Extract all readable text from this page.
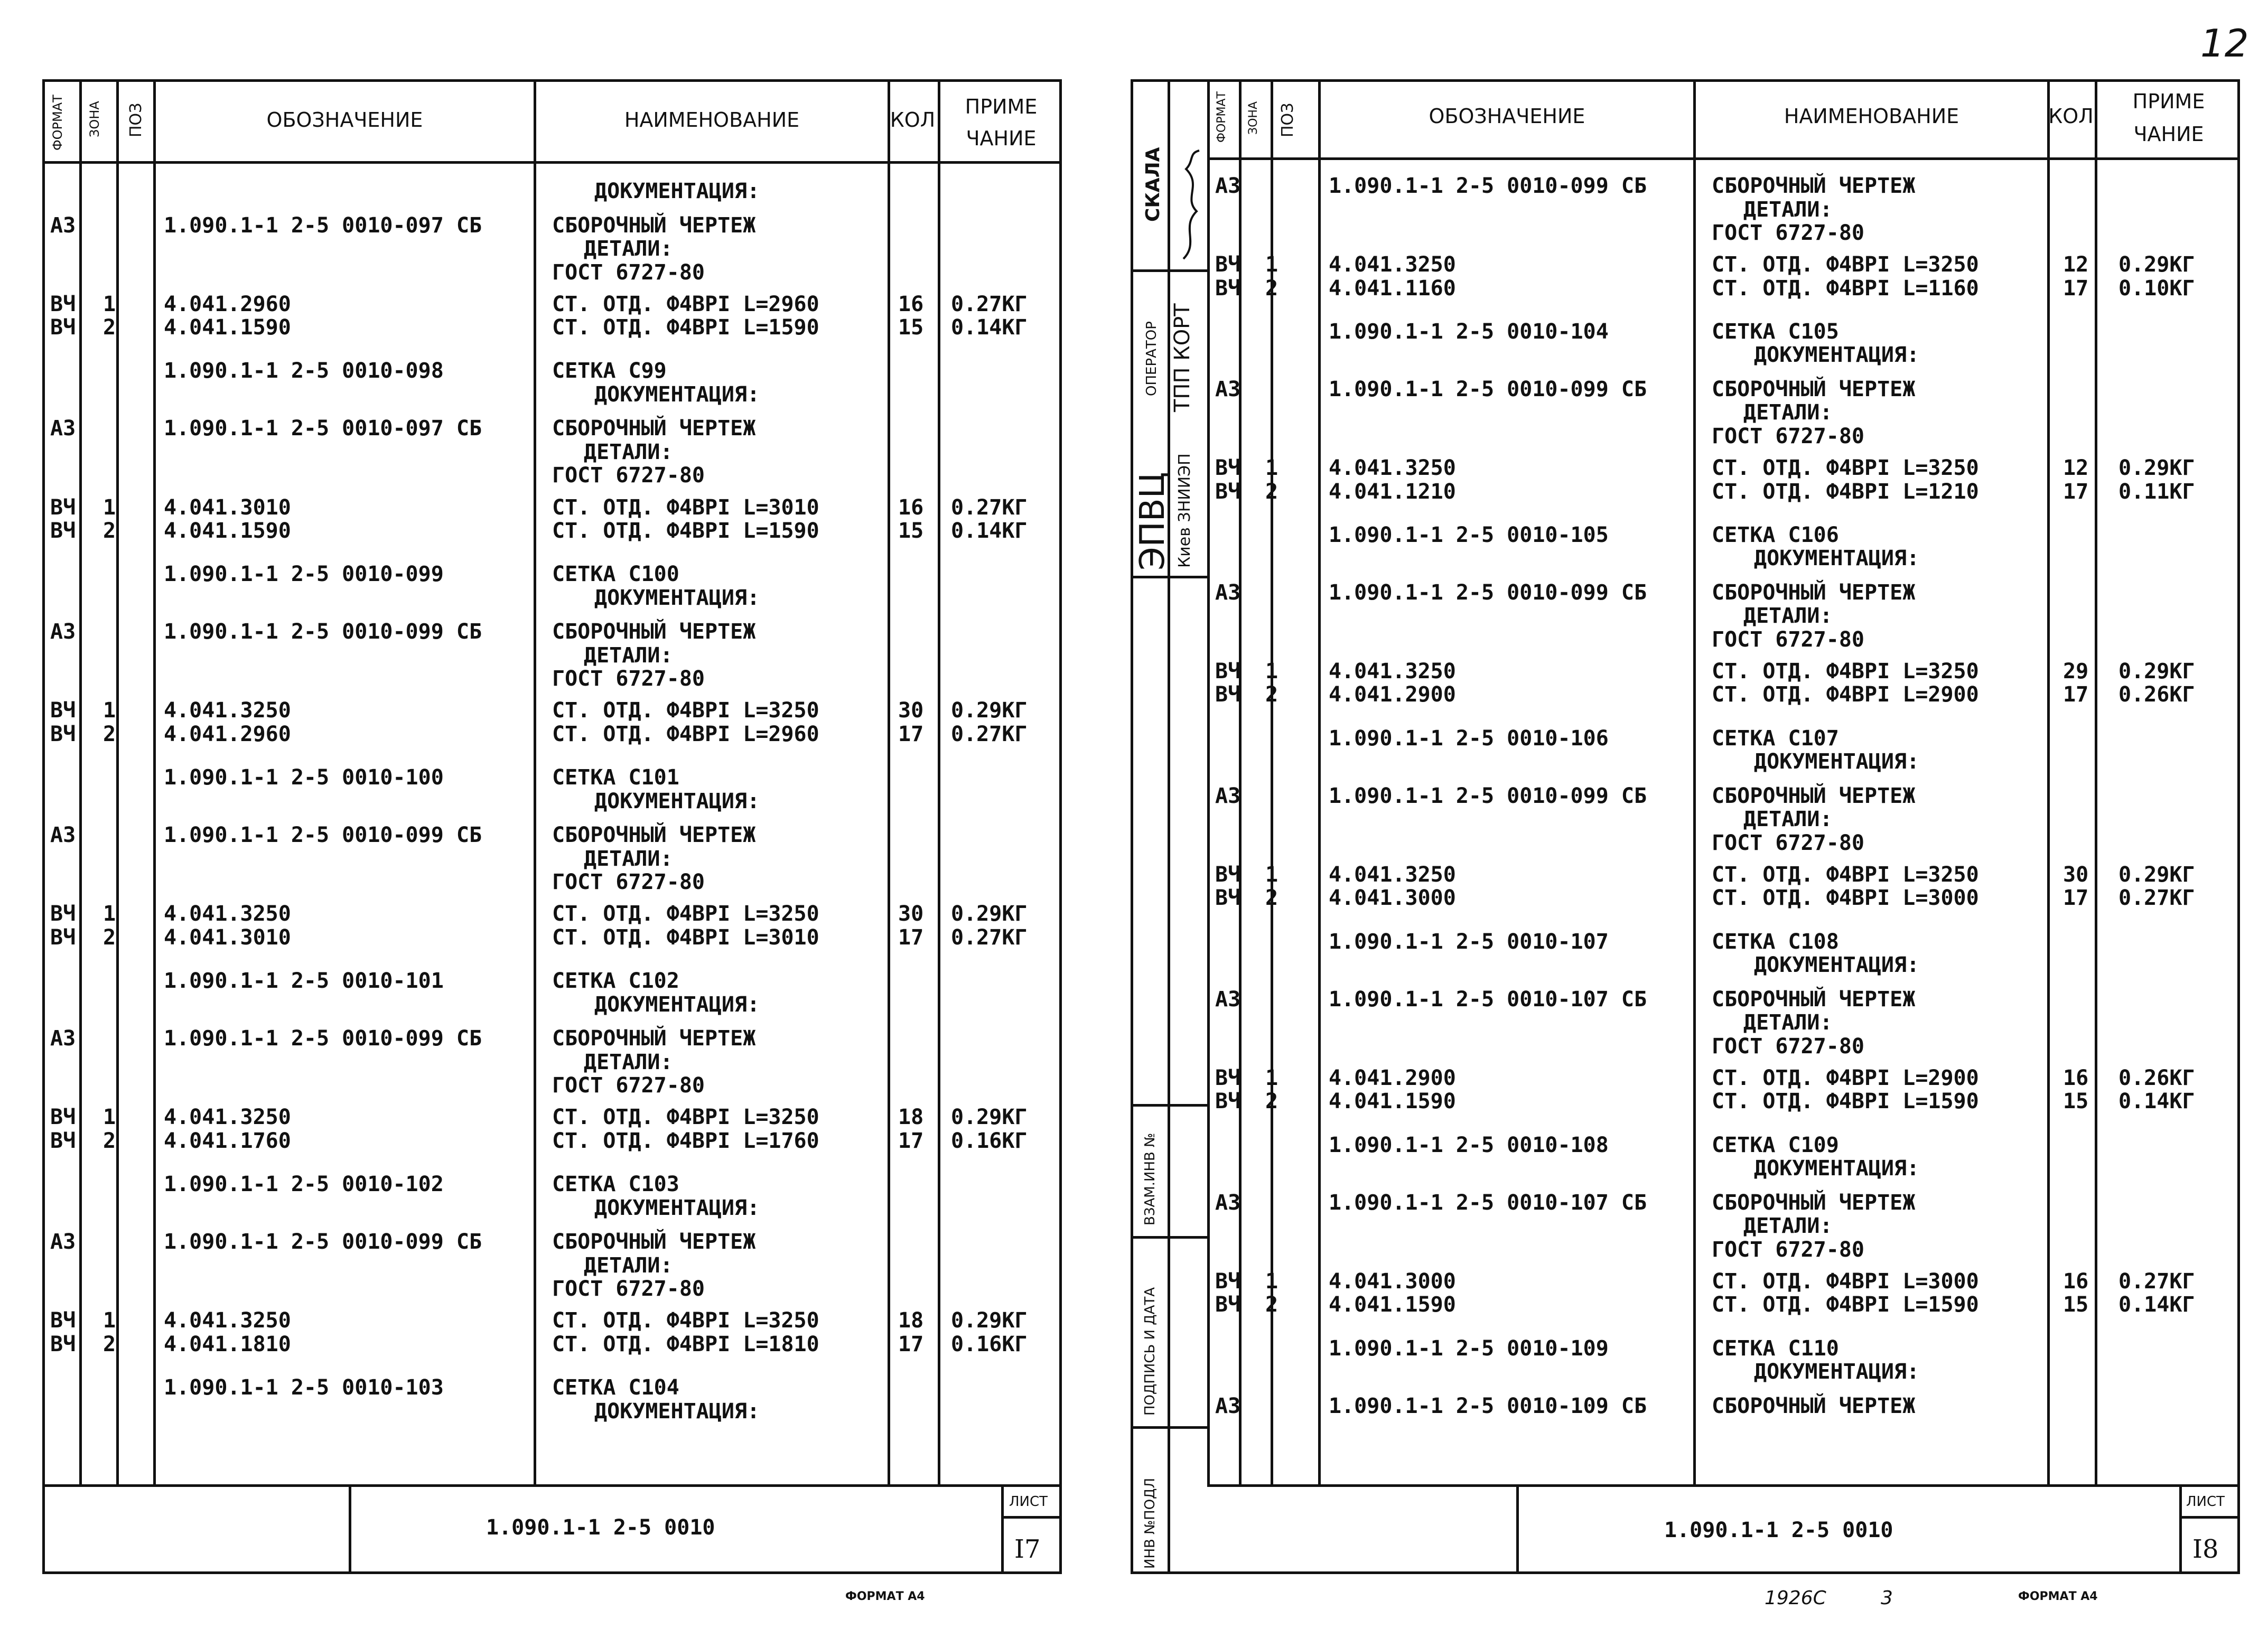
ФОРМАТ ЗОНА ПОЗ	ОБОЗНАЧЕНИЕ	НАИМЕНОВАНИЕ	КОЛ
ПРИМЕ
ЧАНИЕ
ДОКУМЕНТАЦИЯ:
А3	1.090.1-1 2-5 0010-097 СБ	СБОРОЧНЫЙ ЧЕРТЕЖ
ДЕТАЛИ:
ГОСТ 6727-80
ВЧ 1 4.041.2960	СТ. ОТД. Ф4BPI L=2960	16 0.27КГ
ВЧ 2 4.041.1590	СТ. ОТД. Ф4BPI L=1590	15 0.14КГ
1.090.1-1 2-5 0010-098	СЕТКА С99
ДОКУМЕНТАЦИЯ:
А3	1.090.1-1 2-5 0010-097 СБ	СБОРОЧНЫЙ ЧЕРТЕЖ
ДЕТАЛИ:
ГОСТ 6727-80
ВЧ 1 4.041.3010	СТ. ОТД. Ф4BPI L=3010	16 0.27КГ
ВЧ 2 4.041.1590	СТ. ОТД. Ф4BPI L=1590	15 0.14КГ
1.090.1-1 2-5 0010-099	СЕТКА С100
ДОКУМЕНТАЦИЯ:
А3	1.090.1-1 2-5 0010-099 СБ	СБОРОЧНЫЙ ЧЕРТЕЖ
ДЕТАЛИ:
ГОСТ 6727-80
ВЧ 1 4.041.3250	СТ. ОТД. Ф4BPI L=3250	30 0.29КГ
ВЧ 2 4.041.2960	СТ. ОТД. Ф4BPI L=2960	17 0.27КГ
1.090.1-1 2-5 0010-100	СЕТКА С101
ДОКУМЕНТАЦИЯ:
А3	1.090.1-1 2-5 0010-099 СБ	СБОРОЧНЫЙ ЧЕРТЕЖ
ДЕТАЛИ:
ГОСТ 6727-80
ВЧ 1 4.041.3250	СТ. ОТД. Ф4BPI L=3250	30 0.29КГ
ВЧ 2 4.041.3010	СТ. ОТД. Ф4BPI L=3010	17 0.27КГ
1.090.1-1 2-5 0010-101	СЕТКА С102
ДОКУМЕНТАЦИЯ:
А3	1.090.1-1 2-5 0010-099 СБ	СБОРОЧНЫЙ ЧЕРТЕЖ
ДЕТАЛИ:
ГОСТ 6727-80
ВЧ 1 4.041.3250	СТ. ОТД. Ф4BPI L=3250	18 0.29КГ
ВЧ 2 4.041.1760	СТ. ОТД. Ф4BPI L=1760	17 0.16КГ
1.090.1-1 2-5 0010-102	СЕТКА С103
ДОКУМЕНТАЦИЯ:
А3	1.090.1-1 2-5 0010-099 СБ	СБОРОЧНЫЙ ЧЕРТЕЖ
ДЕТАЛИ:
ГОСТ 6727-80
ВЧ 1 4.041.3250	СТ. ОТД. Ф4BPI L=3250	18 0.29КГ
ВЧ 2 4.041.1810	СТ. ОТД. Ф4BPI L=1810	17 0.16КГ
1.090.1-1 2-5 0010-103	СЕТКА С104
ДОКУМЕНТАЦИЯ:
1.090.1-1 2-5 0010
ЛИСТ
I7
ФОРМАТ А4
СКАЛА
ОПЕРАТОР ТПП КОРТ
ЭПВЦ Киев ЗНИИЭП
ВЗАМ.ИНВ №
ПОДПИСЬ И ДАТА
ИНВ №ПОДЛ
ФОРМАТ ЗОНА ПОЗ	ОБОЗНАЧЕНИЕ	НАИМЕНОВАНИЕ	КОЛ
ПРИМЕ
ЧАНИЕ
А3	1.090.1-1 2-5 0010-099 СБ	СБОРОЧНЫЙ ЧЕРТЕЖ
ДЕТАЛИ:
ГОСТ 6727-80
ВЧ 1 4.041.3250	СТ. ОТД. Ф4BPI L=3250	12 0.29КГ
ВЧ 2 4.041.1160	СТ. ОТД. Ф4BPI L=1160	17 0.10КГ
1.090.1-1 2-5 0010-104	СЕТКА С105
ДОКУМЕНТАЦИЯ:
А3	1.090.1-1 2-5 0010-099 СБ	СБОРОЧНЫЙ ЧЕРТЕЖ
ДЕТАЛИ:
ГОСТ 6727-80
ВЧ 1 4.041.3250	СТ. ОТД. Ф4BPI L=3250	12 0.29КГ
ВЧ 2 4.041.1210	СТ. ОТД. Ф4BPI L=1210	17 0.11КГ
1.090.1-1 2-5 0010-105	СЕТКА С106
ДОКУМЕНТАЦИЯ:
А3	1.090.1-1 2-5 0010-099 СБ	СБОРОЧНЫЙ ЧЕРТЕЖ
ДЕТАЛИ:
ГОСТ 6727-80
ВЧ 1 4.041.3250	СТ. ОТД. Ф4BPI L=3250	29 0.29КГ
ВЧ 2 4.041.2900	СТ. ОТД. Ф4BPI L=2900	17 0.26КГ
1.090.1-1 2-5 0010-106	СЕТКА С107
ДОКУМЕНТАЦИЯ:
А3	1.090.1-1 2-5 0010-099 СБ	СБОРОЧНЫЙ ЧЕРТЕЖ
ДЕТАЛИ:
ГОСТ 6727-80
ВЧ 1 4.041.3250	СТ. ОТД. Ф4BPI L=3250	30 0.29КГ
ВЧ 2 4.041.3000	СТ. ОТД. Ф4BPI L=3000	17 0.27КГ
1.090.1-1 2-5 0010-107	СЕТКА С108
ДОКУМЕНТАЦИЯ:
А3	1.090.1-1 2-5 0010-107 СБ	СБОРОЧНЫЙ ЧЕРТЕЖ
ДЕТАЛИ:
ГОСТ 6727-80
ВЧ 1 4.041.2900	СТ. ОТД. Ф4BPI L=2900	16 0.26КГ
ВЧ 2 4.041.1590	СТ. ОТД. Ф4BPI L=1590	15 0.14КГ
1.090.1-1 2-5 0010-108	СЕТКА С109
ДОКУМЕНТАЦИЯ:
А3	1.090.1-1 2-5 0010-107 СБ	СБОРОЧНЫЙ ЧЕРТЕЖ
ДЕТАЛИ:
ГОСТ 6727-80
ВЧ 1 4.041.3000	СТ. ОТД. Ф4BPI L=3000	16 0.27КГ
ВЧ 2 4.041.1590	СТ. ОТД. Ф4BPI L=1590	15 0.14КГ
1.090.1-1 2-5 0010-109	СЕТКА С110
ДОКУМЕНТАЦИЯ:
А3	1.090.1-1 2-5 0010-109 СБ	СБОРОЧНЫЙ ЧЕРТЕЖ
1.090.1-1 2-5 0010
ЛИСТ
I8
1926С	3	ФОРМАТ А4
12
